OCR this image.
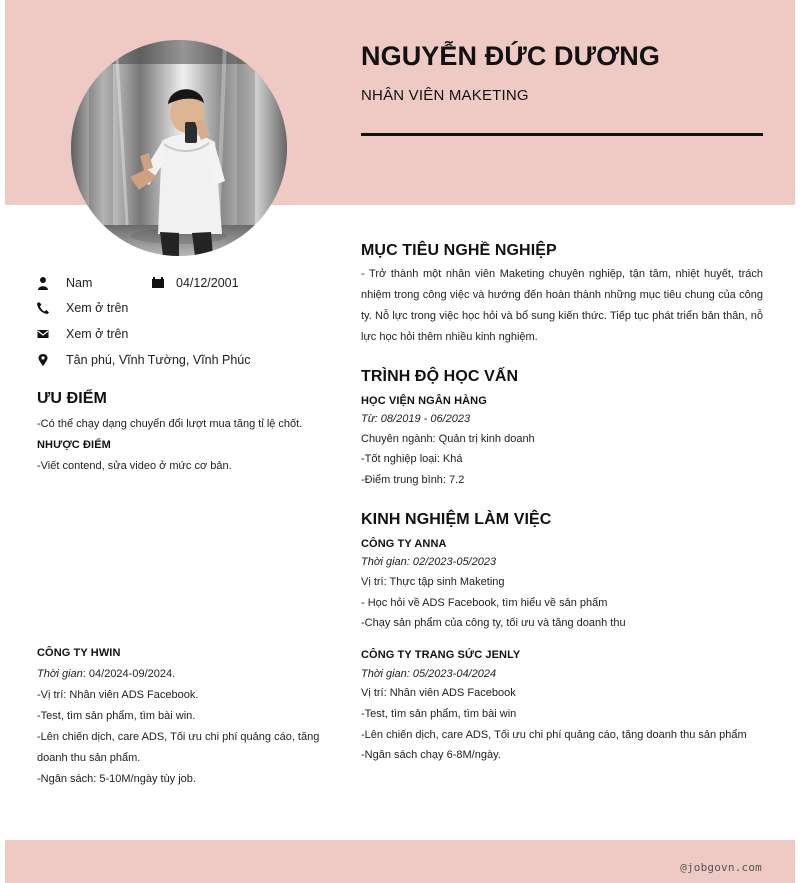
NGUYỄN ĐỨC DƯƠNG
NHÂN VIÊN MAKETING
Nam	04/12/2001
Xem ở trên
Xem ở trên
Tân phú, Vĩnh Tường, Vĩnh Phúc
ƯU ĐIỂM

-Có thể chạy dạng chuyển đổi lượt mua tăng tỉ lệ chốt.

NHƯỢC ĐIỂM

-Viết contend, sửa video ở mức cơ bản.

MỤC TIÊU NGHỀ NGHIỆP

- Trở thành một nhân viên Maketing chuyên nghiệp, tận tâm, nhiệt huyết, trách nhiệm trong công việc và hướng đến hoàn thành những mục tiêu chung của công ty. Nỗ lực trong việc học hỏi và bổ sung kiến thức. Tiếp tục phát triển bản thân, nỗ lực học hỏi thêm nhiều kinh nghiệm.

TRÌNH ĐỘ HỌC VẤN
HỌC VIỆN NGÂN HÀNG

Từ: 08/2019 - 06/2023

Chuyên ngành: Quản trị kinh doanh

-Tốt nghiệp loại: Khá

-Điểm trung bình: 7.2

KINH NGHIỆM LÀM VIỆC
CÔNG TY ANNA

Thời gian: 02/2023-05/2023

Vị trí: Thực tập sinh Maketing

- Học hỏi về ADS Facebook, tìm hiểu về sản phẩm

-Chạy sản phẩm của công ty, tối ưu và tăng doanh thu

CÔNG TY TRANG SỨC JENLY

Thời gian: 05/2023-04/2024

Vị trí: Nhân viên ADS Facebook

-Test, tìm sản phẩm, tìm bài win

-Lên chiến dịch, care ADS, Tối ưu chi phí quảng cáo, tăng doanh thu sản phẩm

-Ngân sách chạy 6-8M/ngày.

CÔNG TY HWIN
Thời gian: 04/2024-09/2024.
-Vị trí: Nhân viên ADS Facebook.
-Test, tìm sản phẩm, tìm bài win.
-Lên chiến dịch, care ADS, Tối ưu chi phí quảng cáo, tăng doanh thu sản phẩm.
-Ngân sách: 5-10M/ngày tùy job.
@jobgovn.com
